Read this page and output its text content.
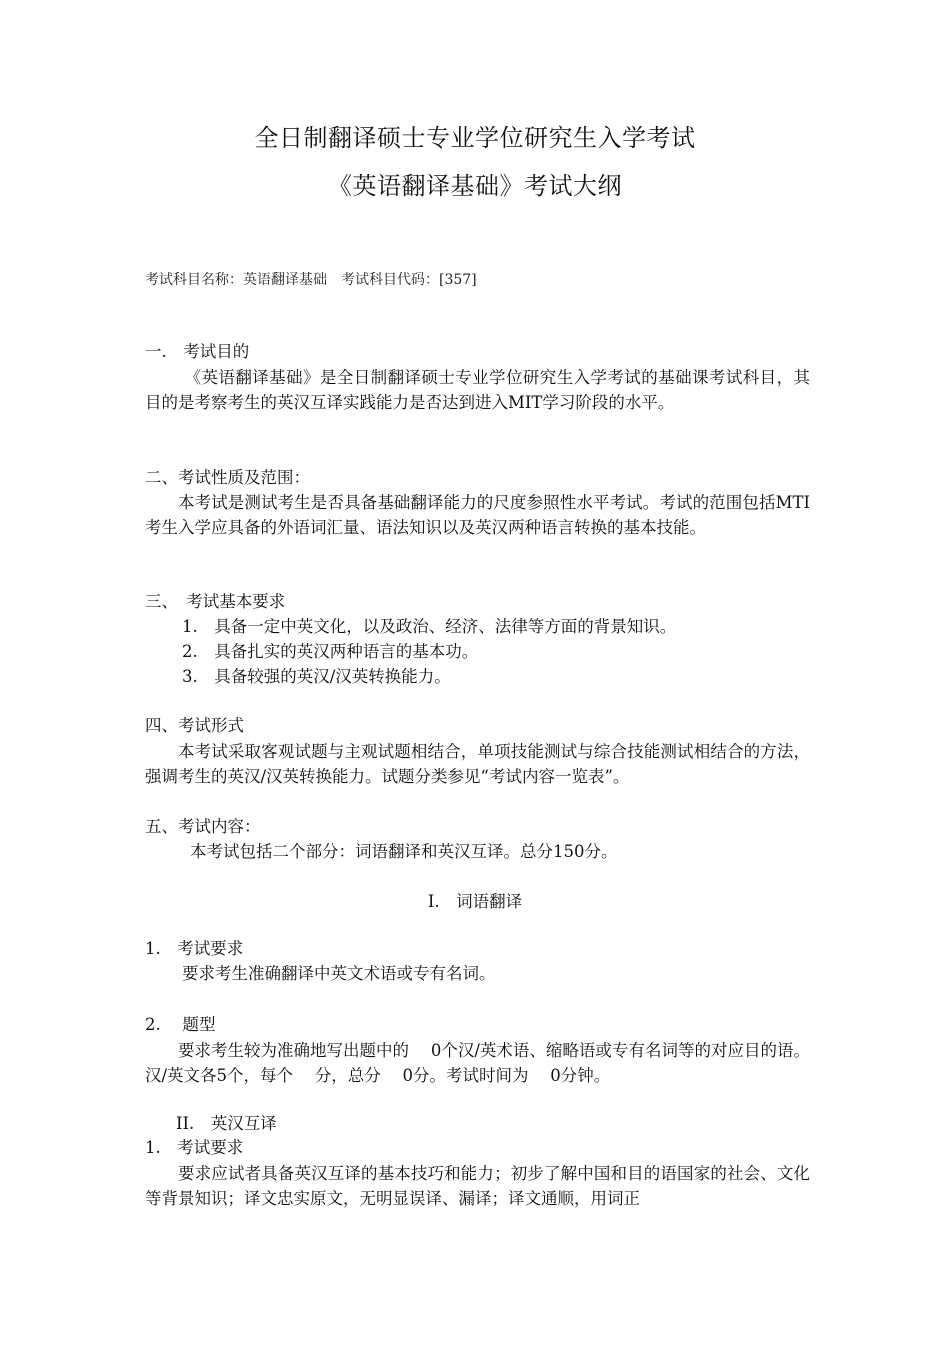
全日制翻译硕士专业学位研究生入学考试
《英语翻译基础》考试大纲
考试科目名称：英语翻译基础　考试科目代码：[357]
一.　考试目的
《英语翻译基础》是全日制翻译硕士专业学位研究生入学考试的基础课考试科目，其目的是考察考生的英汉互译实践能力是否达到进入MIT学习阶段的水平。
二、考试性质及范围：
本考试是测试考生是否具备基础翻译能力的尺度参照性水平考试。考试的范围包括MTI考生入学应具备的外语词汇量、语法知识以及英汉两种语言转换的基本技能。
三、　考试基本要求
1.　具备一定中英文化，以及政治、经济、法律等方面的背景知识。
2.　具备扎实的英汉两种语言的基本功。
3.　具备较强的英汉/汉英转换能力。
四、考试形式
本考试采取客观试题与主观试题相结合，单项技能测试与综合技能测试相结合的方法，强调考生的英汉/汉英转换能力。试题分类参见“考试内容一览表”。
五、考试内容：
本考试包括二个部分：词语翻译和英汉互译。总分150分。
I.　词语翻译
1.　考试要求
要求考生准确翻译中英文术语或专有名词。
2.　 题型
要求考生较为准确地写出题中的　 0个汉/英术语、缩略语或专有名词等的对应目的语。汉/英文各5个，每个　 分，总分　 0分。考试时间为　 0分钟。
II.　英汉互译
1.　考试要求
要求应试者具备英汉互译的基本技巧和能力；初步了解中国和目的语国家的社会、文化等背景知识；译文忠实原文，无明显误译、漏译；译文通顺，用词正
